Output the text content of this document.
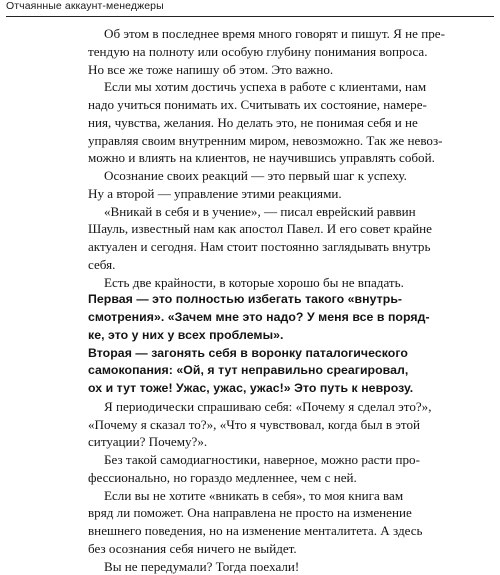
Отчаянные аккаунт-менеджеры
Об этом в последнее время много говорят и пишут. Я не пре-
тендую на полноту или особую глубину понимания вопроса.
Но все же тоже напишу об этом. Это важно.
Если мы хотим достичь успеха в работе с клиентами, нам
надо учиться понимать их. Считывать их состояние, намере-
ния, чувства, желания. Но делать это, не понимая себя и не
управляя своим внутренним миром, невозможно. Так же невоз-
можно и влиять на клиентов, не научившись управлять собой.
Осознание своих реакций — это первый шаг к успеху.
Ну а второй — управление этими реакциями.
«Вникай в себя и в учение», — писал еврейский раввин
Шауль, известный нам как апостол Павел. И его совет крайне
актуален и сегодня. Нам стоит постоянно заглядывать внутрь
себя.
Есть две крайности, в которые хорошо бы не впадать.
Первая — это полностью избегать такого «внутрь-
смотрения». «Зачем мне это надо? У меня все в поряд-
ке, это у них у всех проблемы».
Вторая — загонять себя в воронку паталогического
самокопания: «Ой, я тут неправильно среагировал,
ох и тут тоже! Ужас, ужас, ужас!» Это путь к неврозу.
Я периодически спрашиваю себя: «Почему я сделал это?»,
«Почему я сказал то?», «Что я чувствовал, когда был в этой
ситуации? Почему?».
Без такой самодиагностики, наверное, можно расти про-
фессионально, но гораздо медленнее, чем с ней.
Если вы не хотите «вникать в себя», то моя книга вам
вряд ли поможет. Она направлена не просто на изменение
внешнего поведения, но на изменение менталитета. А здесь
без осознания себя ничего не выйдет.
Вы не передумали? Тогда поехали!
